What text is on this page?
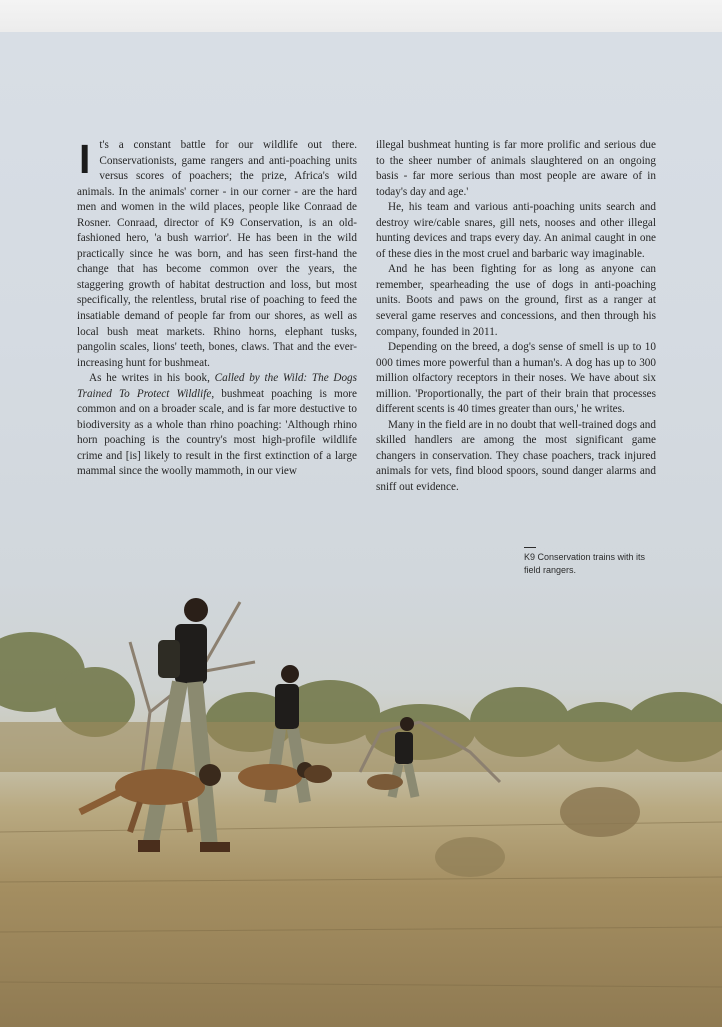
It's a constant battle for our wildlife out there. Conservationists, game rangers and anti-poaching units versus scores of poachers; the prize, Africa's wild animals. In the animals' corner - in our corner - are the hard men and women in the wild places, people like Conraad de Rosner. Conraad, director of K9 Conservation, is an old-fashioned hero, 'a bush warrior'. He has been in the wild practically since he was born, and has seen first-hand the change that has become common over the years, the staggering growth of habitat destruction and loss, but most specifically, the relentless, brutal rise of poaching to feed the insatiable demand of people far from our shores, as well as local bush meat markets. Rhino horns, elephant tusks, pangolin scales, lions' teeth, bones, claws. That and the ever-increasing hunt for bushmeat.

As he writes in his book, Called by the Wild: The Dogs Trained To Protect Wildlife, bushmeat poaching is more common and on a broader scale, and is far more destuctive to biodiversity as a whole than rhino poaching: 'Although rhino horn poaching is the country's most high-profile wildlife crime and [is] likely to result in the first extinction of a large mammal since the woolly mammoth, in our view

illegal bushmeat hunting is far more prolific and serious due to the sheer number of animals slaughtered on an ongoing basis - far more serious than most people are aware of in today's day and age.'

He, his team and various anti-poaching units search and destroy wire/cable snares, gill nets, nooses and other illegal hunting devices and traps every day. An animal caught in one of these dies in the most cruel and barbaric way imaginable.

And he has been fighting for as long as anyone can remember, spearheading the use of dogs in anti-poaching units. Boots and paws on the ground, first as a ranger at several game reserves and concessions, and then through his company, founded in 2011.

Depending on the breed, a dog's sense of smell is up to 10 000 times more powerful than a human's. A dog has up to 300 million olfactory receptors in their noses. We have about six million. 'Proportionally, the part of their brain that processes different scents is 40 times greater than ours,' he writes.

Many in the field are in no doubt that well-trained dogs and skilled handlers are among the most significant game changers in conservation. They chase poachers, track injured animals for vets, find blood spoors, sound danger alarms and sniff out evidence.

K9 Conservation trains with its field rangers.
